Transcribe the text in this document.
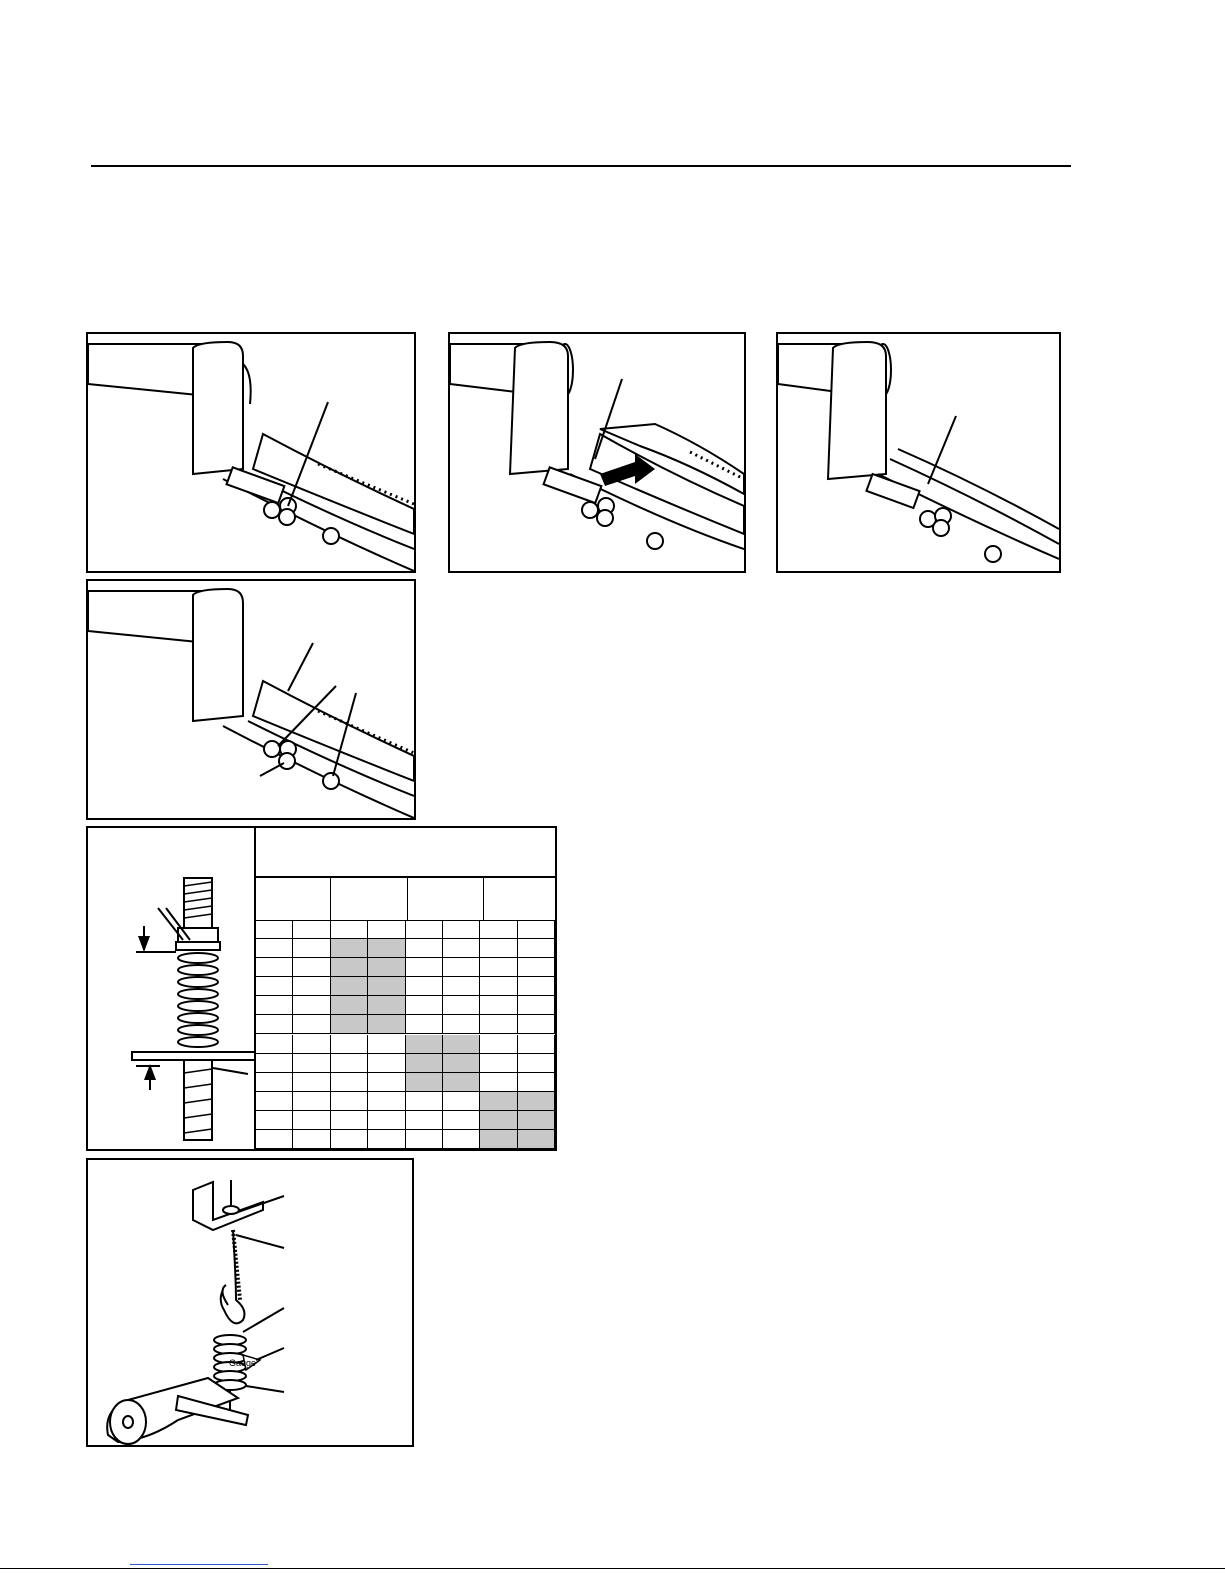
Gauge
